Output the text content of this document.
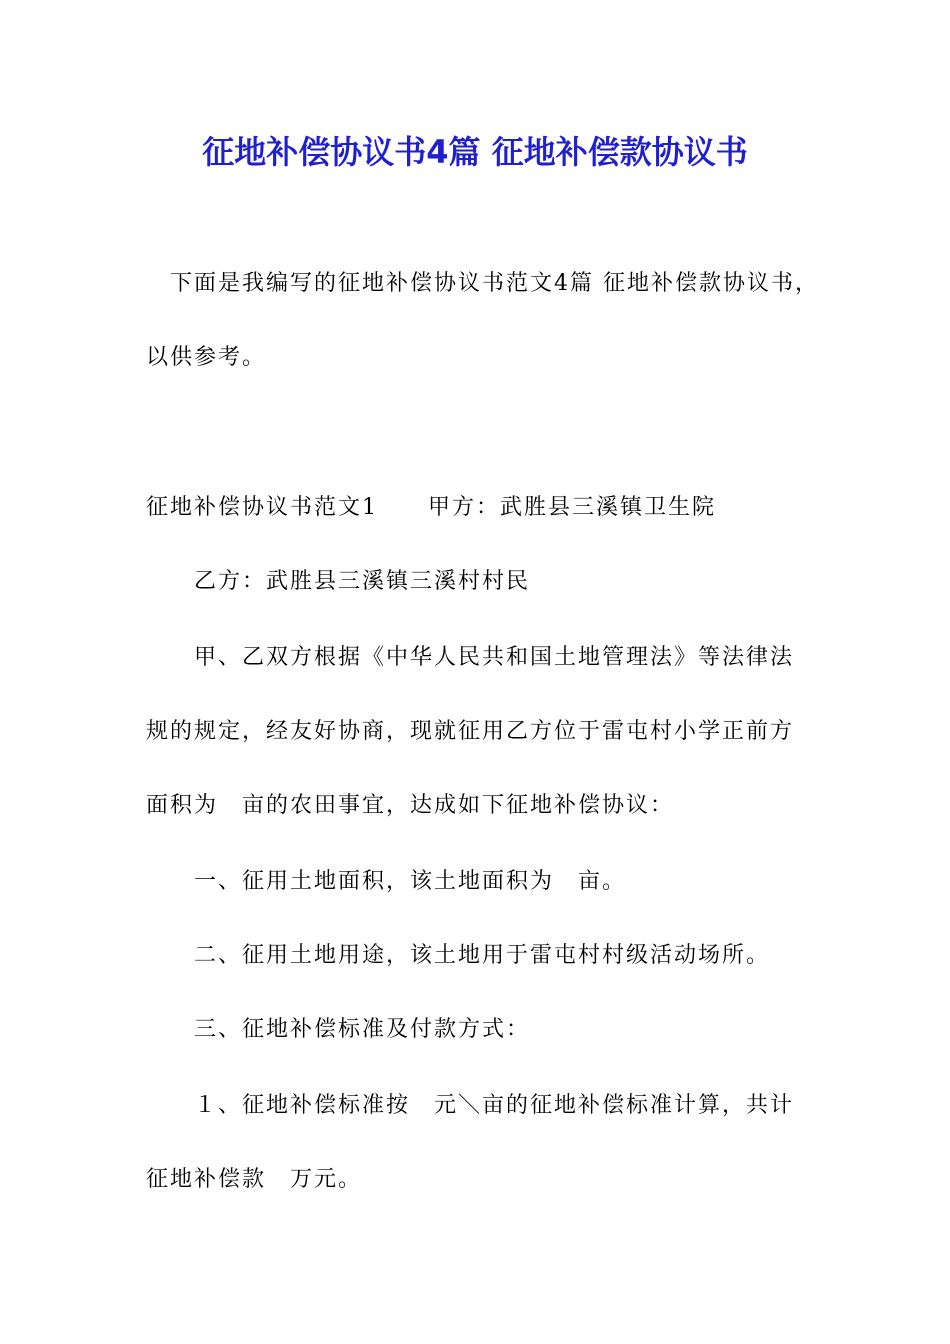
征地补偿协议书4篇 征地补偿款协议书

下面是我编写的征地补偿协议书范文4篇 征地补偿款协议书，

以供参考。

征地补偿协议书范文1 甲方：武胜县三溪镇卫生院

乙方：武胜县三溪镇三溪村村民

甲、乙双方根据《中华人民共和国土地管理法》等法律法

规的规定，经友好协商，现就征用乙方位于雷屯村小学正前方

面积为　亩的农田事宜，达成如下征地补偿协议：

一、征用土地面积，该土地面积为　亩。

二、征用土地用途，该土地用于雷屯村村级活动场所。

三、征地补偿标准及付款方式：

１、征地补偿标准按　元＼亩的征地补偿标准计算，共计

征地补偿款　万元。
